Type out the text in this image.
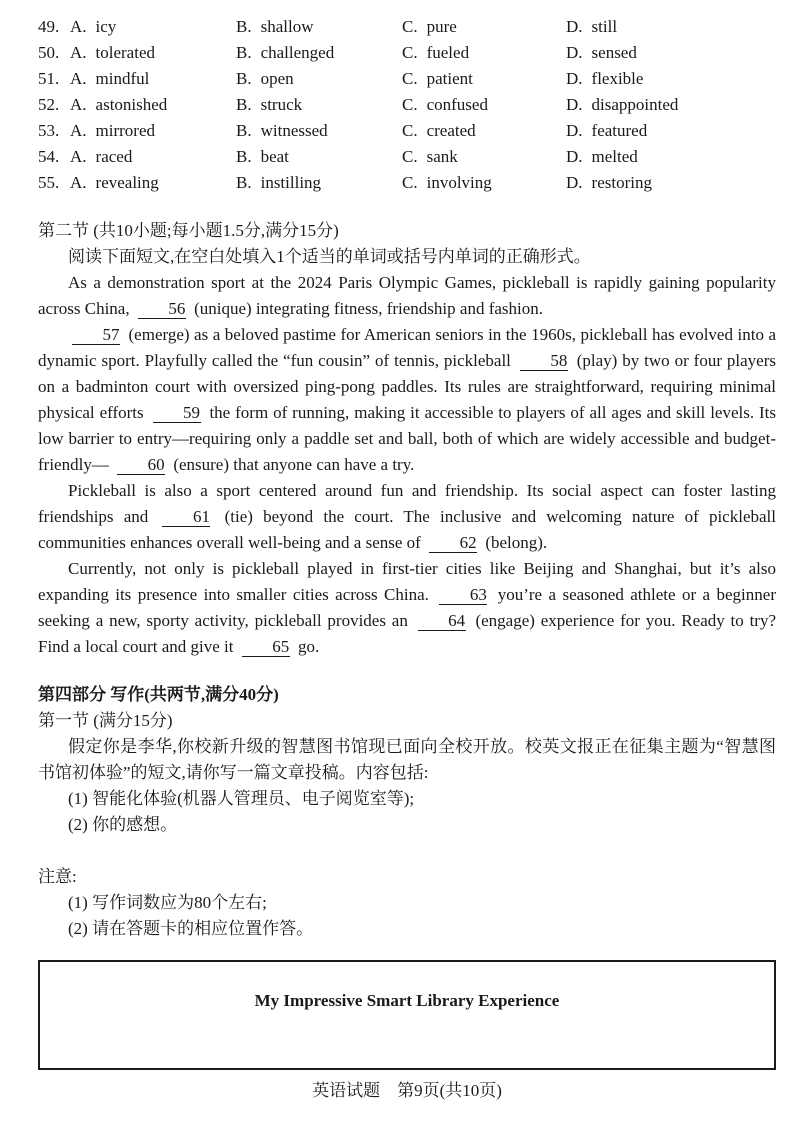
49. A. icy	B. shallow	C. pure	D. still
50. A. tolerated	B. challenged	C. fueled	D. sensed
51. A. mindful	B. open	C. patient	D. flexible
52. A. astonished	B. struck	C. confused	D. disappointed
53. A. mirrored	B. witnessed	C. created	D. featured
54. A. raced	B. beat	C. sank	D. melted
55. A. revealing	B. instilling	C. involving	D. restoring

第二节 (共10小题;每小题1.5分,满分15分)

阅读下面短文,在空白处填入1个适当的单词或括号内单词的正确形式。

As a demonstration sport at the 2024 Paris Olympic Games, pickleball is rapidly gaining popularity across China, 56 (unique) integrating fitness, friendship and fashion.

57 (emerge) as a beloved pastime for American seniors in the 1960s, pickleball has evolved into a dynamic sport. Playfully called the “fun cousin” of tennis, pickleball 58 (play) by two or four players on a badminton court with oversized ping-pong paddles. Its rules are straightforward, requiring minimal physical efforts 59 the form of running, making it accessible to players of all ages and skill levels. Its low barrier to entry—requiring only a paddle set and ball, both of which are widely accessible and budget-friendly— 60 (ensure) that anyone can have a try.

Pickleball is also a sport centered around fun and friendship. Its social aspect can foster lasting friendships and 61 (tie) beyond the court. The inclusive and welcoming nature of pickleball communities enhances overall well-being and a sense of 62 (belong).

Currently, not only is pickleball played in first-tier cities like Beijing and Shanghai, but it’s also expanding its presence into smaller cities across China. 63 you’re a seasoned athlete or a beginner seeking a new, sporty activity, pickleball provides an 64 (engage) experience for you. Ready to try? Find a local court and give it 65 go.

第四部分 写作(共两节,满分40分)

第一节 (满分15分)

假定你是李华,你校新升级的智慧图书馆现已面向全校开放。校英文报正在征集主题为“智慧图书馆初体验”的短文,请你写一篇文章投稿。内容包括:

(1) 智能化体验(机器人管理员、电子阅览室等);

(2) 你的感想。

注意:

(1) 写作词数应为80个左右;

(2) 请在答题卡的相应位置作答。

My Impressive Smart Library Experience

英语试题　第9页(共10页)
